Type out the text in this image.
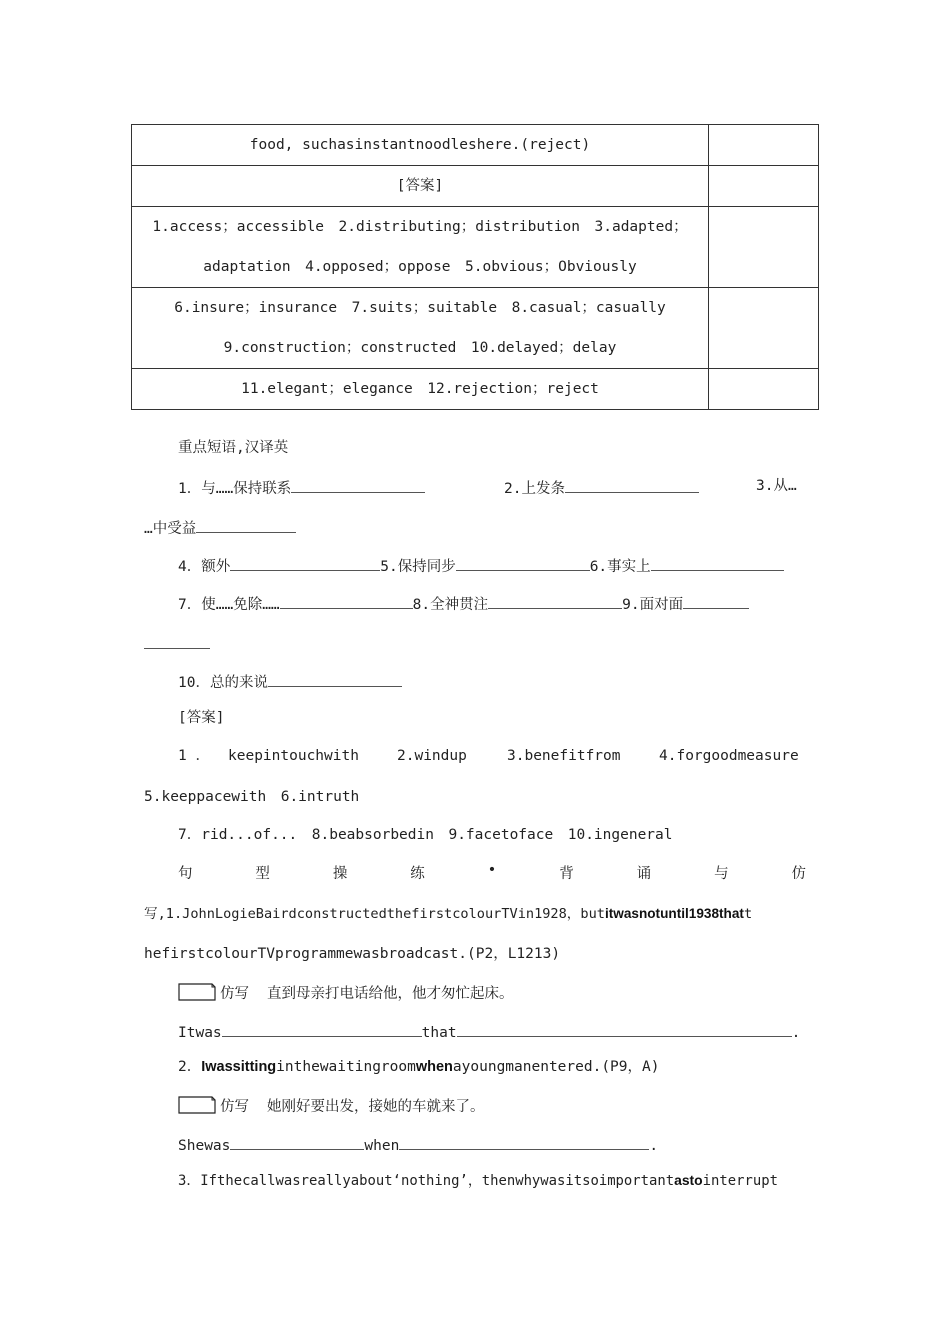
food, suchasinstantnoodleshere.(reject)	

[答案]	

1.access；accessible　2.distributing；distribution　3.adapted；
adaptation　4.opposed；oppose　5.obvious；Obviously	

6.insure；insurance　7.suits；suitable　8.casual；casually
9.construction；constructed　10.delayed；delay	

11.elegant；elegance　12.rejection；reject	

重点短语,汉译英
1．与……保持联系	2.上发条	3.从…
…中受益
4．额外	5.保持同步	6.事实上
7．使……免除……	8.全神贯注	9.面对面
10．总的来说
[答案]
1 ． keepintouchwith	2.windup	3.benefitfrom	4.forgoodmeasure
5.keeppacewith　6.intruth
7．rid...of...　8.beabsorbedin　9.facetoface　10.ingeneral
句	型	操	练	•	背	诵	与	仿
写,1.JohnLogieBairdconstructedthefirstcolourTVin1928，butitwasnotuntil1938thatt
hefirstcolourTVprogrammewasbroadcast.(P2，L1213)
仿写 直到母亲打电话给他，他才匆忙起床。
Itwas	that	.
2．Iwassittinginthewaitingroomwhenayoungmanentered.(P9，A)
仿写 她刚好要出发，接她的车就来了。
Shewas	when	.
3．Ifthecallwasreallyabout‘nothing’，thenwhywasitsoimportantastointerrupt
